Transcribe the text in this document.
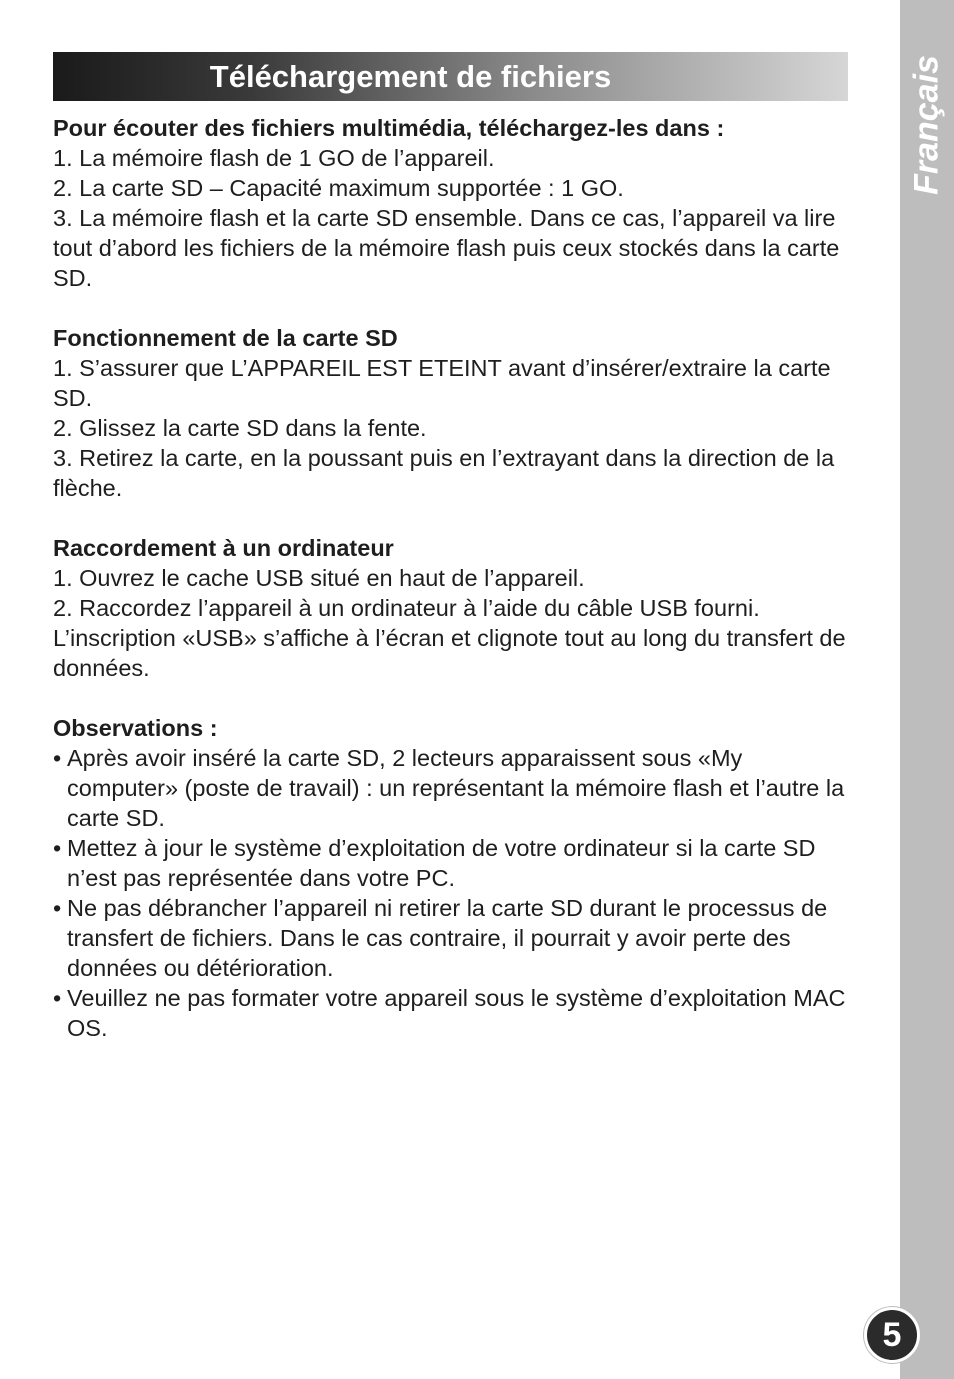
Téléchargement de fichiers	Français
5

Pour écouter des fichiers multimédia, téléchargez-les dans :

1. La mémoire flash de 1 GO de l’appareil.

2. La carte SD – Capacité maximum supportée : 1 GO.

3. La mémoire flash et la carte SD ensemble. Dans ce cas, l’appareil va lire tout d’abord les fichiers de la mémoire flash puis ceux stockés dans la carte SD.

Fonctionnement de la carte SD

1. S’assurer que L’APPAREIL EST ETEINT avant d’insérer/extraire la carte SD.

2. Glissez la carte SD dans la fente.

3. Retirez la carte, en la poussant puis en l’extrayant dans la direction de la flèche.

Raccordement à un ordinateur

1. Ouvrez le cache USB situé en haut de l’appareil.

2. Raccordez l’appareil à un ordinateur à l’aide du câble USB fourni. L’inscription «USB» s’affiche à l’écran et clignote tout au long du transfert de données.

Observations :

• Après avoir inséré la carte SD, 2 lecteurs apparaissent sous «My computer» (poste de travail) : un représentant la mémoire flash et l’autre la carte SD.

• Mettez à jour le système d’exploitation de votre ordinateur si la carte SD n’est pas représentée dans votre PC.

• Ne pas débrancher l’appareil ni retirer la carte SD durant le processus de transfert de fichiers. Dans le cas contraire, il pourrait y avoir perte des données ou détérioration.

• Veuillez ne pas formater votre appareil sous le système d’exploitation MAC OS.
